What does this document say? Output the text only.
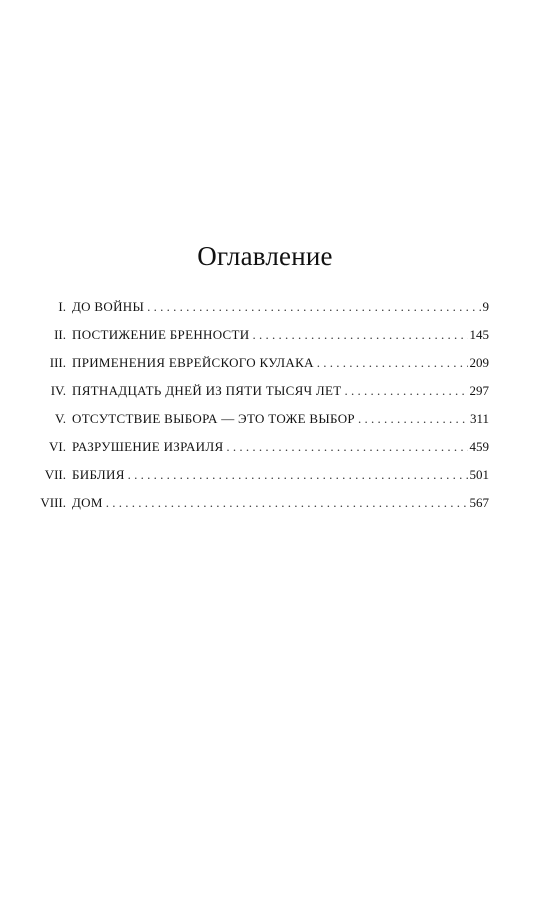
Оглавление
I. ДО ВОЙНЫ . . .	9
II. ПОСТИЖЕНИЕ БРЕННОСТИ . . .	145
III. ПРИМЕНЕНИЯ ЕВРЕЙСКОГО КУЛАКА . . .	209
IV. ПЯТНАДЦАТЬ ДНЕЙ ИЗ ПЯТИ ТЫСЯЧ ЛЕТ . . .	297
V. ОТСУТСТВИЕ ВЫБОРА — ЭТО ТОЖЕ ВЫБОР . . .	311
VI. РАЗРУШЕНИЕ ИЗРАИЛЯ . . .	459
VII. БИБЛИЯ . . .	501
VIII. ДОМ . . .	567
